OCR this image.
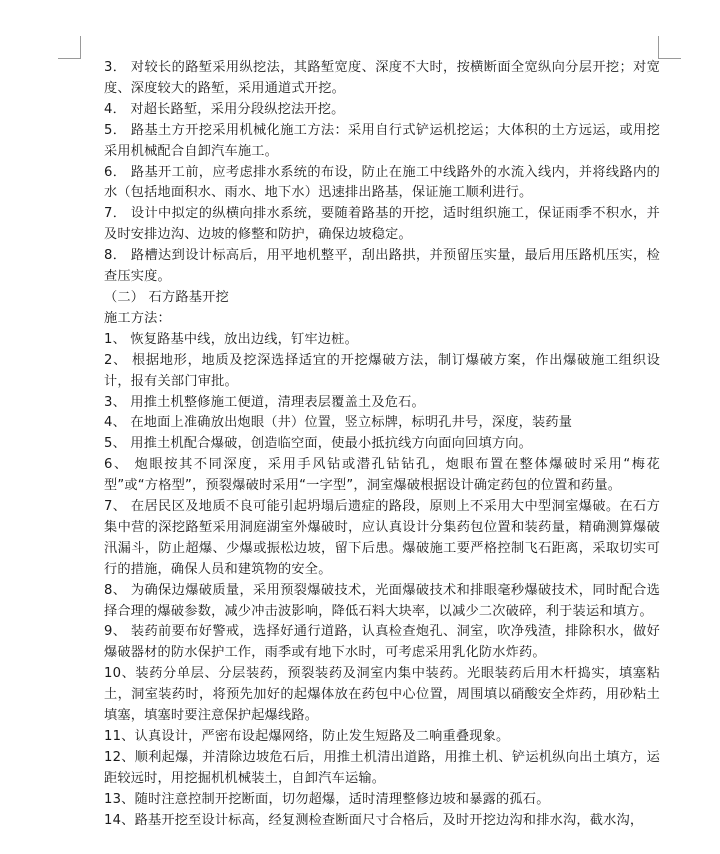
3． 对较长的路堑采用纵挖法，其路堑宽度、深度不大时，按横断面全宽纵向分层开挖；对宽度、深度较大的路堑，采用通道式开挖。

4． 对超长路堑，采用分段纵挖法开挖。

5． 路基土方开挖采用机械化施工方法：采用自行式铲运机挖运；大体积的土方远运，或用挖采用机械配合自卸汽车施工。

6． 路基开工前，应考虑排水系统的布设，防止在施工中线路外的水流入线内，并将线路内的水（包括地面积水、雨水、地下水）迅速排出路基，保证施工顺利进行。

7． 设计中拟定的纵横向排水系统，要随着路基的开挖，适时组织施工，保证雨季不积水，并及时安排边沟、边坡的修整和防护，确保边坡稳定。

8． 路槽达到设计标高后，用平地机整平，刮出路拱，并预留压实量，最后用压路机压实，检查压实度。

（二） 石方路基开挖

施工方法：

1、 恢复路基中线，放出边线，钉牢边桩。

2、 根据地形，地质及挖深选择适宜的开挖爆破方法，制订爆破方案，作出爆破施工组织设计，报有关部门审批。

3、 用推土机整修施工便道，清理表层覆盖土及危石。

4、 在地面上准确放出炮眼（井）位置，竖立标牌，标明孔井号，深度，装药量

5、 用推土机配合爆破，创造临空面，使最小抵抗线方向面向回填方向。

6、 炮眼按其不同深度，采用手风钻或潜孔钻钻孔，炮眼布置在整体爆破时采用“梅花型”或“方格型”，预裂爆破时采用“一字型”，洞室爆破根据设计确定药包的位置和药量。

7、 在居民区及地质不良可能引起坍塌后遗症的路段，原则上不采用大中型洞室爆破。在石方集中营的深挖路堑采用洞庭湖室外爆破时，应认真设计分集药包位置和装药量，精确测算爆破汛漏斗，防止超爆、少爆或振松边坡，留下后患。爆破施工要严格控制飞石距离，采取切实可行的措施，确保人员和建筑物的安全。

8、 为确保边爆破质量，采用预裂爆破技术，光面爆破技术和排眼毫秒爆破技术，同时配合选择合理的爆破参数，减少冲击波影响，降低石料大块率，以减少二次破碎，利于装运和填方。

9、 装药前要布好警戒，选择好通行道路，认真检查炮孔、洞室，吹净残渣，排除积水，做好爆破器材的防水保护工作，雨季或有地下水时，可考虑采用乳化防水炸药。

10、装药分单层、分层装药，预裂装药及洞室内集中装药。光眼装药后用木杆捣实，填塞粘土，洞室装药时，将预先加好的起爆体放在药包中心位置，周围填以硝酸安全炸药，用砂粘土填塞，填塞时要注意保护起爆线路。

11、认真设计，严密布设起爆网络，防止发生短路及二响重叠现象。

12、顺利起爆，并清除边坡危石后，用推土机清出道路，用推土机、铲运机纵向出土填方，运距较远时，用挖掘机机械装土，自卸汽车运输。

13、随时注意控制开挖断面，切勿超爆，适时清理整修边坡和暴露的孤石。

14、路基开挖至设计标高，经复测检查断面尺寸合格后，及时开挖边沟和排水沟，截水沟，
